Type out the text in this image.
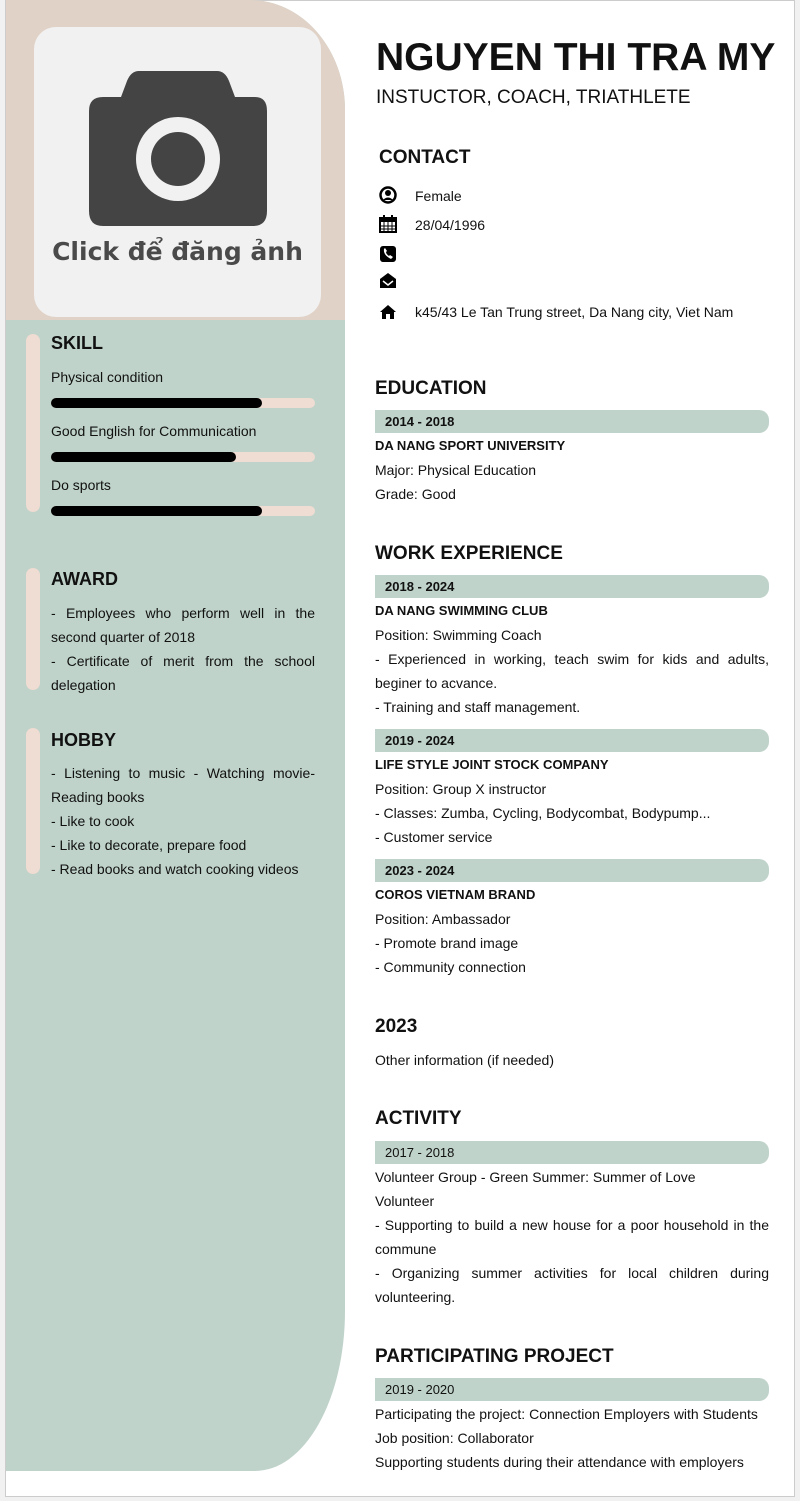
Click để đăng ảnh
SKILL
Physical condition
Good English for Communication
Do sports
AWARD
- Employees who perform well in the second quarter of 2018
- Certificate of merit from the school delegation
HOBBY
- Listening to music - Watching movie- Reading books
- Like to cook
- Like to decorate, prepare food
- Read books and watch cooking videos
NGUYEN THI TRA MY
INSTUCTOR, COACH, TRIATHLETE
CONTACT
Female
28/04/1996
k45/43 Le Tan Trung street, Da Nang city, Viet Nam
EDUCATION
2014 - 2018
DA NANG SPORT UNIVERSITY
Major: Physical Education
Grade: Good
WORK EXPERIENCE
2018 - 2024
DA NANG SWIMMING CLUB
Position: Swimming Coach
- Experienced in working, teach swim for kids and adults, beginer to acvance.
- Training and staff management.
2019 - 2024
LIFE STYLE JOINT STOCK COMPANY
Position: Group X instructor
- Classes: Zumba, Cycling, Bodycombat, Bodypump...
- Customer service
2023 - 2024
COROS VIETNAM BRAND
Position: Ambassador
- Promote brand image
- Community connection
2023
Other information (if needed)
ACTIVITY
2017 - 2018
Volunteer Group - Green Summer: Summer of Love
Volunteer
- Supporting to build a new house for a poor household in the commune
- Organizing summer activities for local children during volunteering.
PARTICIPATING PROJECT
2019 - 2020
Participating the project: Connection Employers with Students
Job position: Collaborator
Supporting students during their attendance with employers
